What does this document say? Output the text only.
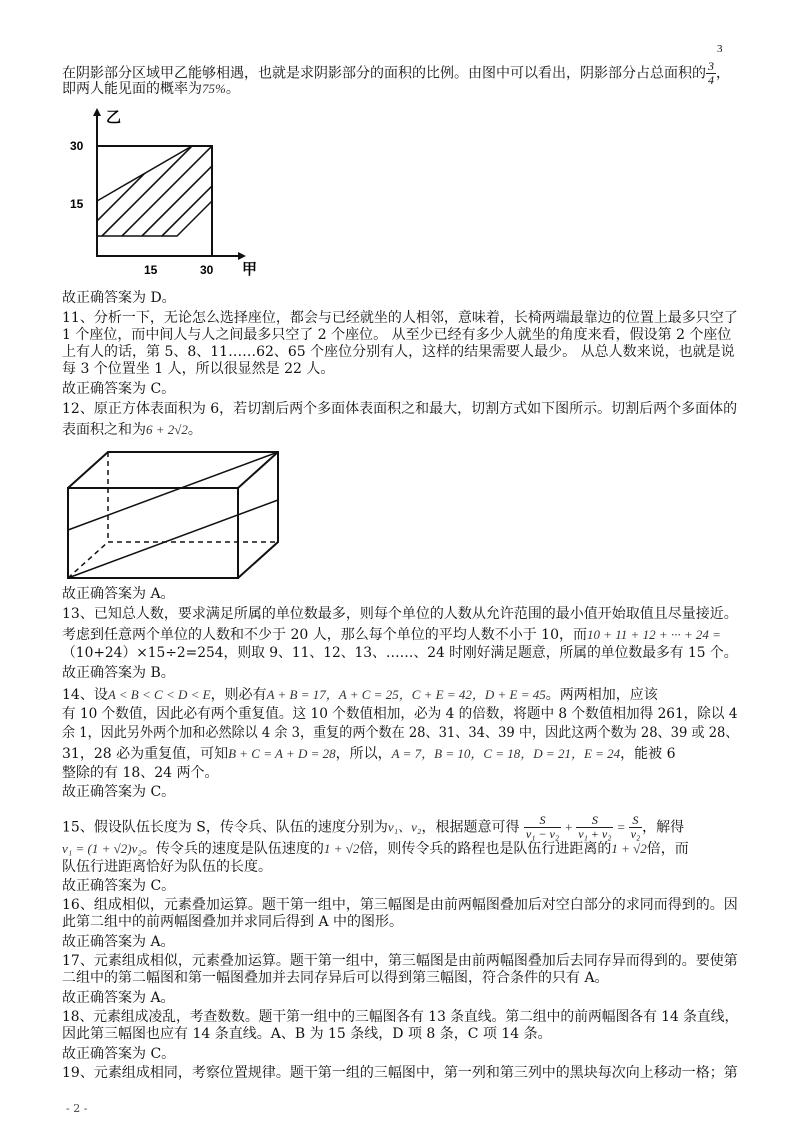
3
在阴影部分区域甲乙能够相遇，也就是求阴影部分的面积的比例。由图中可以看出，阴影部分占总面积的 $\frac{3}{4}$ ，
即两人能见面的概率为75%。
乙
甲
30
15
15	30
故正确答案为 D。
11、分析一下，无论怎么选择座位，都会与已经就坐的人相邻，意味着，长椅两端最靠边的位置上最多只空了
1 个座位，而中间人与人之间最多只空了 2 个座位。 从至少已经有多少人就坐的角度来看，假设第 2 个座位
上有人的话，第 5、8、11……62、65 个座位分别有人，这样的结果需要人最少。 从总人数来说，也就是说
每 3 个位置坐 1 人，所以很显然是 22 人。
故正确答案为 C。
12、原正方体表面积为 6，若切割后两个多面体表面积之和最大，切割方式如下图所示。切割后两个多面体的
表面积之和为6 + 2√2。
故正确答案为 A。
13、已知总人数，要求满足所属的单位数最多，则每个单位的人数从允许范围的最小值开始取值且尽量接近。
考虑到任意两个单位的人数和不少于 20 人，那么每个单位的平均人数不小于 10，而10 + 11 + 12 + ··· + 24 =
（10+24）×15÷2=254，则取 9、11、12、13、……、24 时刚好满足题意，所属的单位数最多有 15 个。
故正确答案为 B。
14、设A < B < C < D < E，则必有A + B = 17，A + C = 25，C + E = 42，D + E = 45。两两相加，应该
有 10 个数值，因此必有两个重复值。这 10 个数值相加，必为 4 的倍数，将题中 8 个数值相加得 261，除以 4
余 1，因此另外两个加和必然除以 4 余 3，重复的两个数在 28、31、34、39 中，因此这两个数为 28、39 或 28、
31，28 必为重复值，可知B + C = A + D = 28，所以，A = 7，B = 10，C = 18，D = 21，E = 24，能被 6
整除的有 18、24 两个。
故正确答案为 C。
15、假设队伍长度为 S，传令兵、队伍的速度分别为v₁、v₂，根据题意可得 $\frac{S}{\text{v₁ − v₂}} + \frac{S}{\text{v₁ + v₂}} = \frac{S}{\text{v₂}}$ ，解得
v₁ = (1 + √2)v₂。传令兵的速度是队伍速度的1 + √2倍，则传令兵的路程也是队伍行进距离的1 + √2倍，而
队伍行进距离恰好为队伍的长度。
故正确答案为 C。
16、组成相似，元素叠加运算。题干第一组中，第三幅图是由前两幅图叠加后对空白部分的求同而得到的。因
此第二组中的前两幅图叠加并求同后得到 A 中的图形。
故正确答案为 A。
17、元素组成相似，元素叠加运算。题干第一组中，第三幅图是由前两幅图叠加后去同存异而得到的。要使第
二组中的第二幅图和第一幅图叠加并去同存异后可以得到第三幅图，符合条件的只有 A。
故正确答案为 A。
18、元素组成凌乱，考查数数。题干第一组中的三幅图各有 13 条直线。第二组中的前两幅图各有 14 条直线，
因此第三幅图也应有 14 条直线。A、B 为 15 条线，D 项 8 条，C 项 14 条。
故正确答案为 C。
19、元素组成相同，考察位置规律。题干第一组的三幅图中，第一列和第三列中的黑块每次向上移动一格；第
- 2 -
